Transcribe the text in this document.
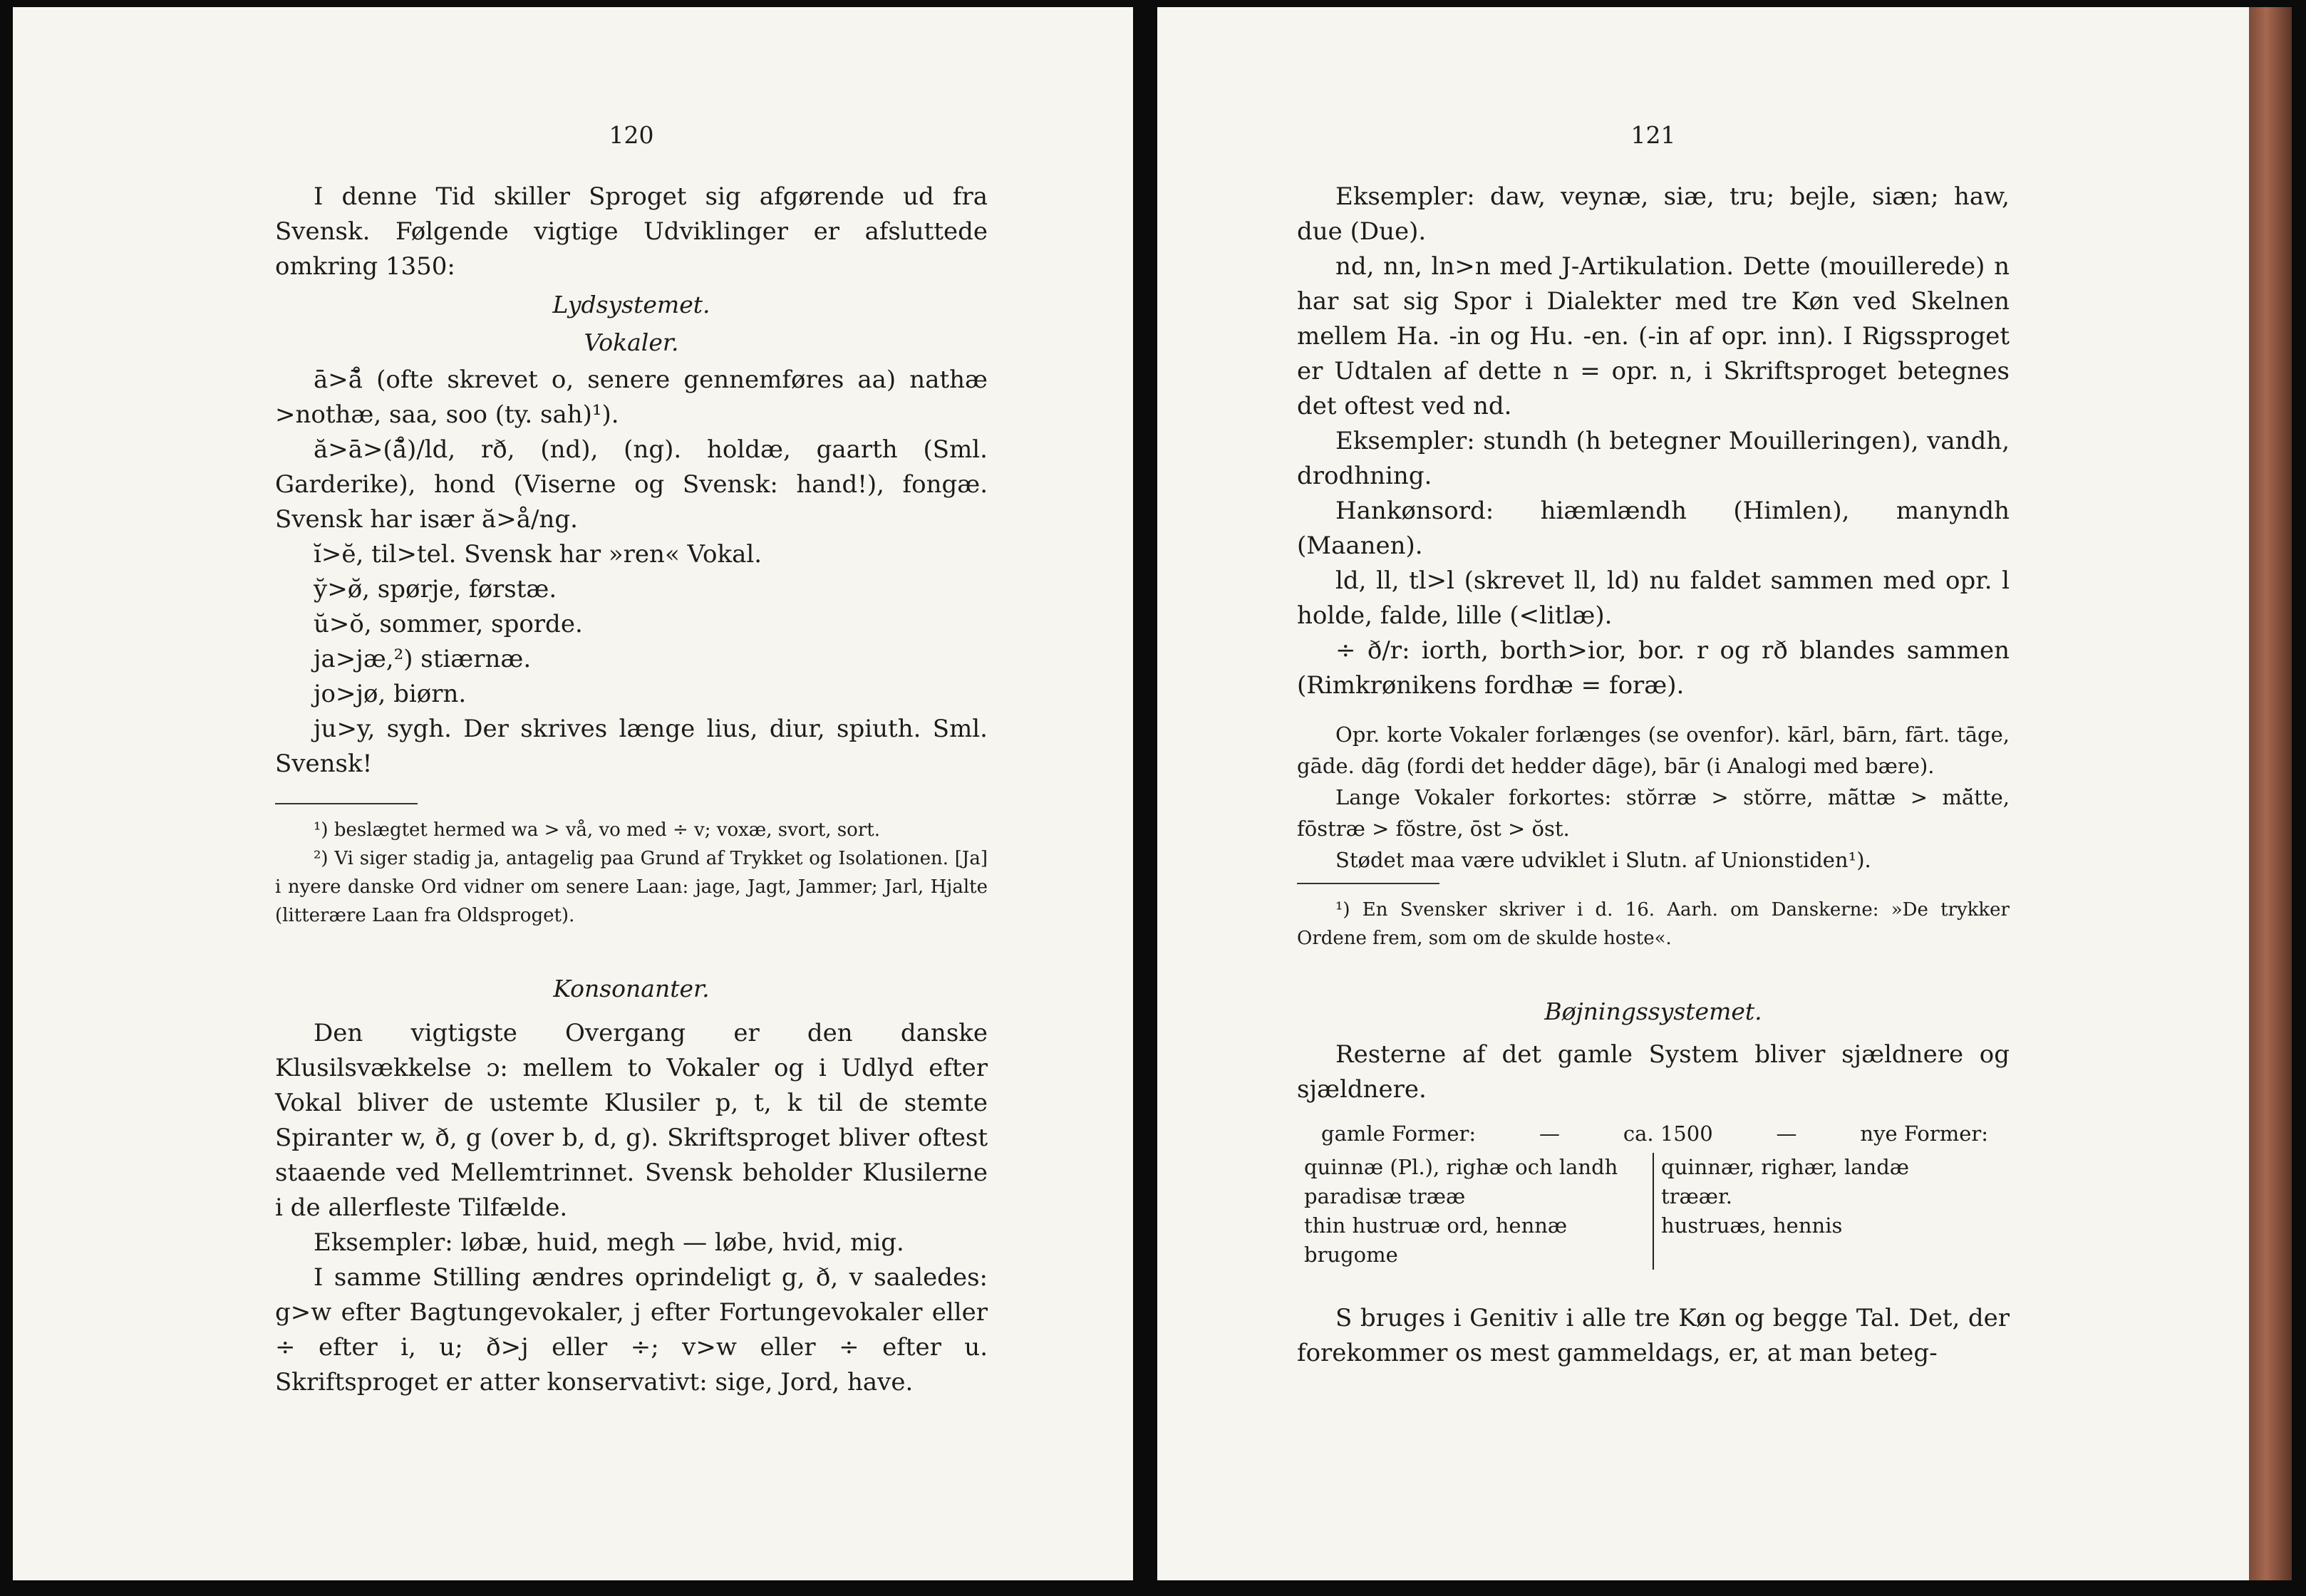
120

I denne Tid skiller Sproget sig afgørende ud fra Svensk. Følgende vigtige Udviklinger er afsluttede omkring 1350:

Lydsystemet.
Vokaler.

ā>ā̊ (ofte skrevet o, senere gennemføres aa) nathæ >nothæ, saa, soo (ty. sah)¹).

ă>ā>(ā̊)/ld, rð, (nd), (ng). holdæ, gaarth (Sml. Garderike), hond (Viserne og Svensk: hand!), fongæ. Svensk har især ă>å/ng.

ĭ>ĕ, til>tel. Svensk har »ren« Vokal.

y̆>ø̆, spørje, førstæ.

ŭ>ŏ, sommer, sporde.

ja>jæ,²) stiærnæ.

jo>jø, biørn.

ju>y, sygh. Der skrives længe lius, diur, spiuth. Sml. Svensk!

¹) beslægtet hermed wa > vå, vo med ÷ v; voxæ, svort, sort.

²) Vi siger stadig ja, antagelig paa Grund af Trykket og Isolationen. [Ja] i nyere danske Ord vidner om senere Laan: jage, Jagt, Jammer; Jarl, Hjalte (litterære Laan fra Oldsproget).

Konsonanter.

Den vigtigste Overgang er den danske Klusilsvækkelse ɔ: mellem to Vokaler og i Udlyd efter Vokal bliver de ustemte Klusiler p, t, k til de stemte Spiranter w, ð, g (over b, d, g). Skriftsproget bliver oftest staaende ved Mellemtrinnet. Svensk beholder Klusilerne i de allerfleste Tilfælde.

Eksempler: løbæ, huid, megh — løbe, hvid, mig.

I samme Stilling ændres oprindeligt g, ð, v saaledes: g>w efter Bagtungevokaler, j efter Fortungevokaler eller ÷ efter i, u; ð>j eller ÷; v>w eller ÷ efter u. Skriftsproget er atter konservativt: sige, Jord, have.

121

Eksempler: daw, veynæ, siæ, tru; bejle, siæn; haw, due (Due).

nd, nn, ln>n med J-Artikulation. Dette (mouillerede) n har sat sig Spor i Dialekter med tre Køn ved Skelnen mellem Ha. -in og Hu. -en. (-in af opr. inn). I Rigssproget er Udtalen af dette n = opr. n, i Skriftsproget betegnes det oftest ved nd.

Eksempler: stundh (h betegner Mouilleringen), vandh, drodhning.

Hankønsord: hiæmlændh (Himlen), manyndh (Maanen).

ld, ll, tl>l (skrevet ll, ld) nu faldet sammen med opr. l holde, falde, lille (<litlæ).

÷ ð/r: iorth, borth>ior, bor. r og rð blandes sammen (Rimkrønikens fordhæ = foræ).

Opr. korte Vokaler forlænges (se ovenfor). kārl, bārn, fārt. tāge, gāde. dāg (fordi det hedder dāge), bār (i Analogi med bære).

Lange Vokaler forkortes: stŏrræ > stŏrre, mā̆ttæ > mă̆tte, fōstræ > fŏstre, ōst > ŏst.

Stødet maa være udviklet i Slutn. af Unionstiden¹).

¹) En Svensker skriver i d. 16. Aarh. om Danskerne: »De trykker Ordene frem, som om de skulde hoste«.

Bøjningssystemet.

Resterne af det gamle System bliver sjældnere og sjældnere.

gamle Former:	—	ca. 1500	—	nye Former:
quinnæ (Pl.), righæ och landh	quinnær, righær, landæ
paradisæ trææ	træær.
thin hustruæ ord, hennæ	hustruæs, hennis
brugome	

S bruges i Genitiv i alle tre Køn og begge Tal. Det, der forekommer os mest gammeldags, er, at man beteg-
